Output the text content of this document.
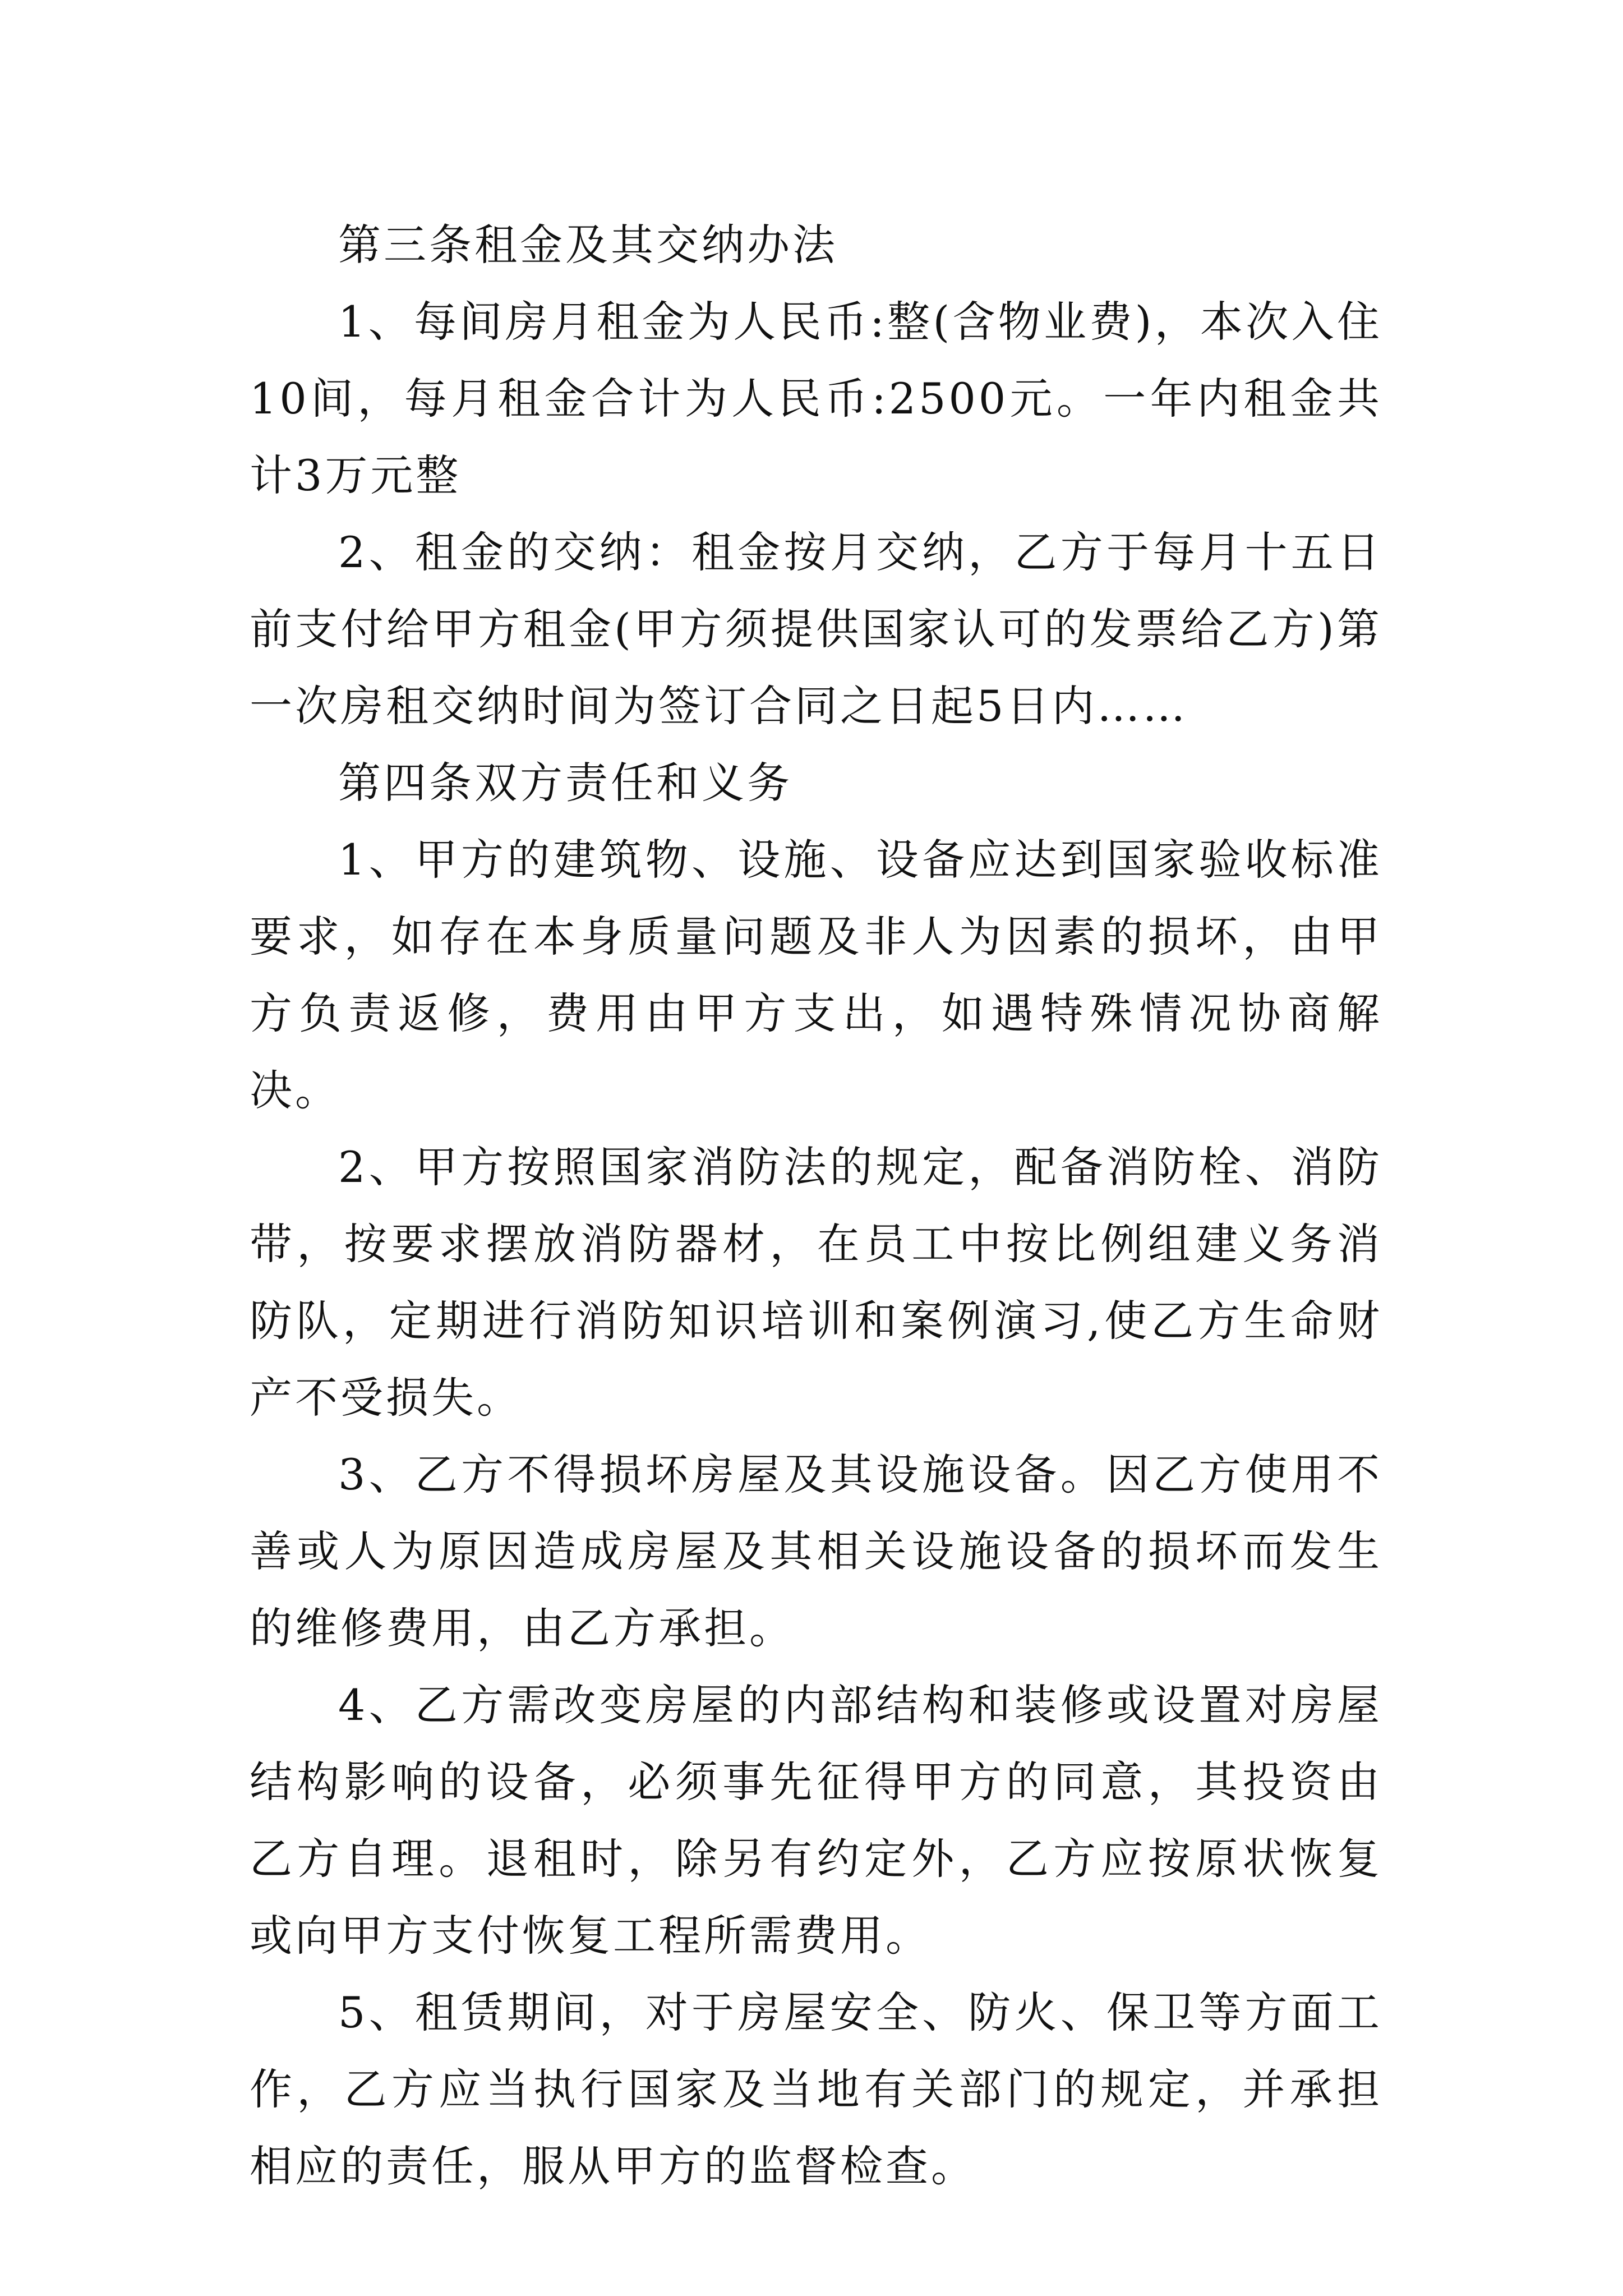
第三条租金及其交纳办法

1、每间房月租金为人民币:整(含物业费)，本次入住10间，每月租金合计为人民币:2500元。一年内租金共计3万元整

2、租金的交纳：租金按月交纳，乙方于每月十五日前支付给甲方租金(甲方须提供国家认可的发票给乙方)第一次房租交纳时间为签订合同之日起5日内……

第四条双方责任和义务

1、甲方的建筑物、设施、设备应达到国家验收标准要求，如存在本身质量问题及非人为因素的损坏，由甲方负责返修，费用由甲方支出，如遇特殊情况协商解决。

2、甲方按照国家消防法的规定，配备消防栓、消防带，按要求摆放消防器材，在员工中按比例组建义务消防队，定期进行消防知识培训和案例演习,使乙方生命财产不受损失。

3、乙方不得损坏房屋及其设施设备。因乙方使用不善或人为原因造成房屋及其相关设施设备的损坏而发生的维修费用，由乙方承担。

4、乙方需改变房屋的内部结构和装修或设置对房屋结构影响的设备，必须事先征得甲方的同意，其投资由乙方自理。退租时，除另有约定外，乙方应按原状恢复或向甲方支付恢复工程所需费用。

5、租赁期间，对于房屋安全、防火、保卫等方面工作，乙方应当执行国家及当地有关部门的规定，并承担相应的责任，服从甲方的监督检查。
